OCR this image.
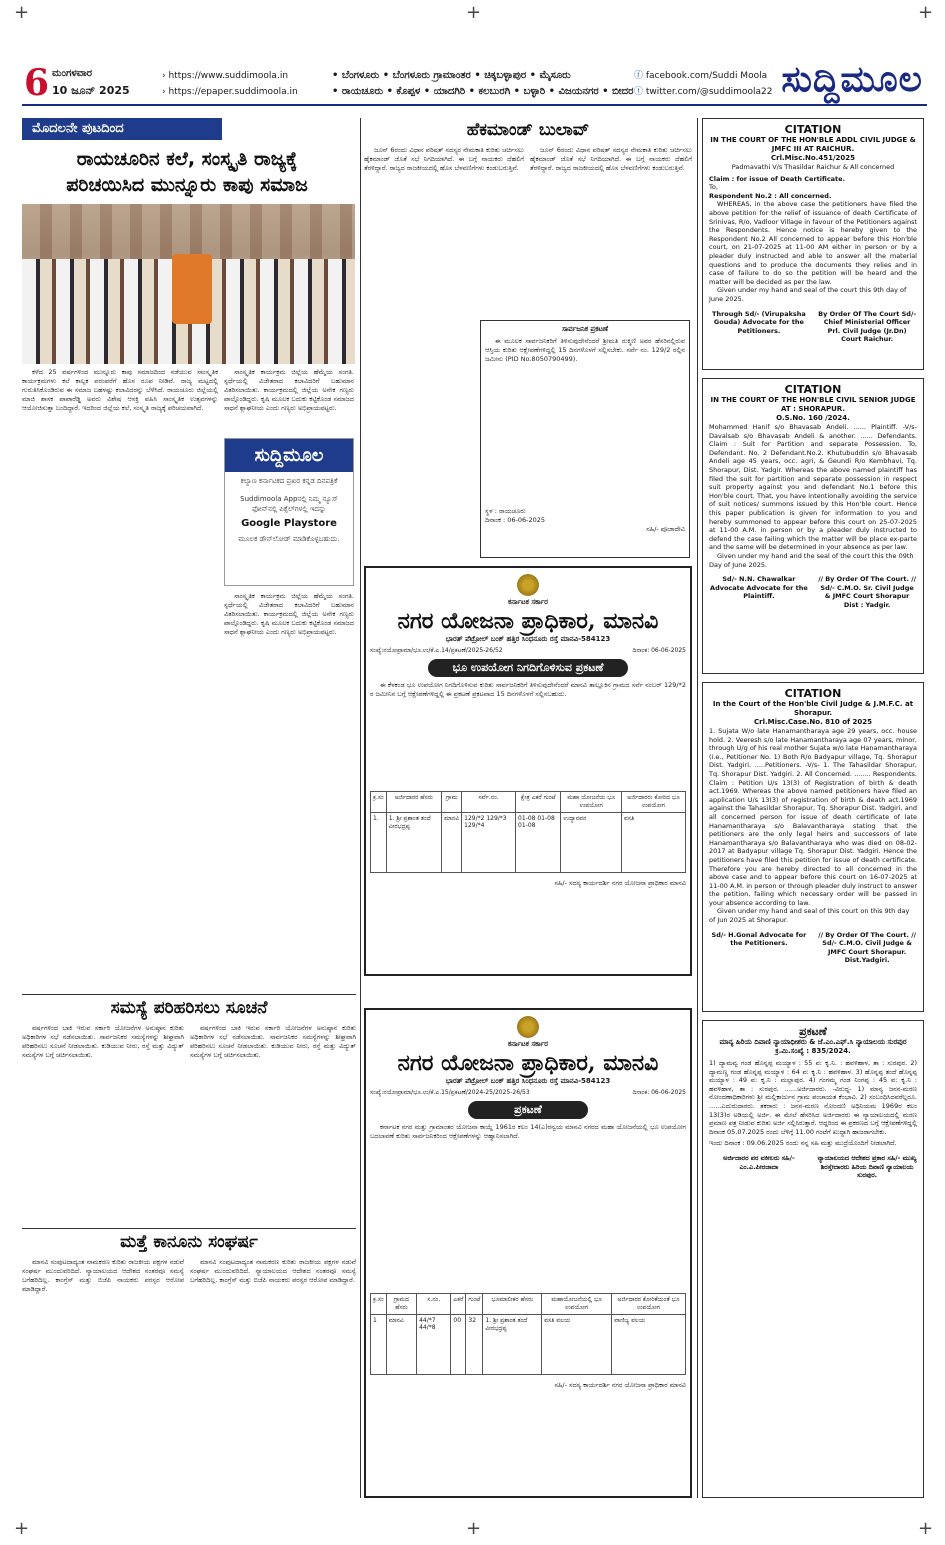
+	+	+
+	+	+
6 ಮಂಗಳವಾರ
10 ಜೂನ್ 2025
› https://www.suddimoola.in
› https://epaper.suddimoola.in
• ಬೆಂಗಳೂರು • ಬೆಂಗಳೂರು ಗ್ರಾಮಾಂತರ • ಚಿಕ್ಕಬಳ್ಳಾಪುರ • ಮೈಸೂರು
• ರಾಯಚೂರು • ಕೊಪ್ಪಳ • ಯಾದಗಿರಿ • ಕಲಬುರಗಿ • ಬಳ್ಳಾರಿ • ವಿಜಯನಗರ • ಬೀದರ
ⓕ facebook.com/Suddi Moola
ⓣ twitter.com/@suddimoola22 ಸುದ್ದಿಮೂಲ
ಮೊದಲನೇ ಪುಟದಿಂದ
ರಾಯಚೂರಿನ ಕಲೆ, ಸಂಸ್ಕೃತಿ ರಾಜ್ಯಕ್ಕೆ
ಪರಿಚಯಿಸಿದ ಮುನ್ನೂರು ಕಾಪು ಸಮಾಜ

ಕಳೆದ 25 ವರ್ಷಗಳಿಂದ ಮುನ್ನೂರು ಕಾಪು ಸಮಾಜದಿಂದ ನಡೆಯುವ ಸಾಂಸ್ಕೃತಿಕ ಕಾರ್ಯಕ್ರಮಗಳು ಕಲೆ ಕಾಲ್ಪಕ ಪರಂಪರೆಗೆ ಹೊಸ ರೂಪ ನೀಡಿವೆ. ರಾಜ್ಯ ಮಟ್ಟದಲ್ಲಿ ಗುರುತಿಸಿಕೊಂಡಿರುವ ಈ ಸಮಾಜ ಬಹಳಷ್ಟು ಕಲಾವಿದರನ್ನು ಬೆಳೆಸಿದೆ. ರಾಯಚೂರು ಜಿಲ್ಲೆಯಲ್ಲಿ ಮಾಜಿ ಶಾಸಕ ಪಾಪಾರೆಡ್ಡಿ ಅವರು ವಿಶೇಷ ಆಸಕ್ತಿ ವಹಿಸಿ ಸಾಂಸ್ಕೃತಿಕ ಉತ್ಸವಗಳನ್ನು ಆಯೋಜಿಸುತ್ತಾ ಬಂದಿದ್ದಾರೆ. ಇದರಿಂದ ಜಿಲ್ಲೆಯ ಕಲೆ, ಸಂಸ್ಕೃತಿ ರಾಜ್ಯಕ್ಕೆ ಪರಿಚಯವಾಗಿದೆ.

ಸಾಂಸ್ಕೃತಿಕ ಕಾರ್ಯಕ್ರಮ ಜಿಲ್ಲೆಯ ಹೆಮ್ಮೆಯ ಸಂಗತಿ. ಸ್ಪರ್ಧೆಯಲ್ಲಿ ವಿಜೇತರಾದ ಕಲಾವಿದರಿಗೆ ಬಹುಮಾನ ವಿತರಿಸಲಾಯಿತು. ಕಾರ್ಯಕ್ರಮದಲ್ಲಿ ಜಿಲ್ಲೆಯ ಅನೇಕ ಗಣ್ಯರು ಪಾಲ್ಗೊಂಡಿದ್ದರು. ಕೃಷಿ ಮೂಲಕ ಬದುಕು ಕಟ್ಟಿಕೊಂಡ ಸಮಾಜದ ಸಾಧನೆ ಶ್ಲಾಘನೀಯ ಎಂದು ಗಣ್ಯರು ಅಭಿಪ್ರಾಯಪಟ್ಟರು.

ಸುದ್ದಿಮೂಲ
ಕಲ್ಯಾಣ ಕರ್ನಾಟಕದ ಪ್ರಖರ ಕನ್ನಡ ದಿನಪತ್ರಿಕೆ
Suddimoola Appನಲ್ಲಿ ನಿಮ್ಮ ನ್ಯೂಸ್ ಫೋನ್‌ನಲ್ಲಿ ಪಿಕ್ಸೆಲ್‌ಗಳಲ್ಲಿ ಇದನ್ನು
Google Playstore
ಮೂಲಕ ಡೌನ್‌ಲೋಡ್ ಮಾಡಿಕೊಳ್ಳಬಹುದು.

ಸಾಂಸ್ಕೃತಿಕ ಕಾರ್ಯಕ್ರಮ ಜಿಲ್ಲೆಯ ಹೆಮ್ಮೆಯ ಸಂಗತಿ. ಸ್ಪರ್ಧೆಯಲ್ಲಿ ವಿಜೇತರಾದ ಕಲಾವಿದರಿಗೆ ಬಹುಮಾನ ವಿತರಿಸಲಾಯಿತು. ಕಾರ್ಯಕ್ರಮದಲ್ಲಿ ಜಿಲ್ಲೆಯ ಅನೇಕ ಗಣ್ಯರು ಪಾಲ್ಗೊಂಡಿದ್ದರು. ಕೃಷಿ ಮೂಲಕ ಬದುಕು ಕಟ್ಟಿಕೊಂಡ ಸಮಾಜದ ಸಾಧನೆ ಶ್ಲಾಘನೀಯ ಎಂದು ಗಣ್ಯರು ಅಭಿಪ್ರಾಯಪಟ್ಟರು.

ಸಮಸ್ಯೆ ಪರಿಹರಿಸಲು ಸೂಚನೆ

ವರ್ಷಗಳಿಂದ ಬಾಕಿ ಇರುವ ಸರ್ಕಾರಿ ಯೋಜನೆಗಳ ಅನುಷ್ಠಾನ ಕುರಿತು ಅಧಿಕಾರಿಗಳ ಸಭೆ ನಡೆಸಲಾಯಿತು. ಸಾರ್ವಜನಿಕರ ಸಮಸ್ಯೆಗಳನ್ನು ಶೀಘ್ರವಾಗಿ ಪರಿಹರಿಸಲು ಸೂಚನೆ ನೀಡಲಾಯಿತು. ಕುಡಿಯುವ ನೀರು, ರಸ್ತೆ ಮತ್ತು ವಿದ್ಯುತ್ ಸಮಸ್ಯೆಗಳ ಬಗ್ಗೆ ಚರ್ಚಿಸಲಾಯಿತು.

ವರ್ಷಗಳಿಂದ ಬಾಕಿ ಇರುವ ಸರ್ಕಾರಿ ಯೋಜನೆಗಳ ಅನುಷ್ಠಾನ ಕುರಿತು ಅಧಿಕಾರಿಗಳ ಸಭೆ ನಡೆಸಲಾಯಿತು. ಸಾರ್ವಜನಿಕರ ಸಮಸ್ಯೆಗಳನ್ನು ಶೀಘ್ರವಾಗಿ ಪರಿಹರಿಸಲು ಸೂಚನೆ ನೀಡಲಾಯಿತು. ಕುಡಿಯುವ ನೀರು, ರಸ್ತೆ ಮತ್ತು ವಿದ್ಯುತ್ ಸಮಸ್ಯೆಗಳ ಬಗ್ಗೆ ಚರ್ಚಿಸಲಾಯಿತು.

ಮತ್ತೆ ಕಾನೂನು ಸಂಘರ್ಷ

ಮಾನವಿ ಸಂಪುಟದಾದ್ಯಂತ ನಾಮಕರಣ ಕುರಿತು ರಾಜಕೀಯ ಪಕ್ಷಗಳ ನಡುವೆ ಸಂಘರ್ಷ ಮುಂದುವರಿದಿದೆ. ನ್ಯಾಯಾಲಯದ ಆದೇಶದ ನಂತರವೂ ಸಮಸ್ಯೆ ಬಗೆಹರಿದಿಲ್ಲ. ಕಾಂಗ್ರೆಸ್ ಮತ್ತು ಬಿಜೆಪಿ ನಾಯಕರು ಪರಸ್ಪರ ಆರೋಪ ಮಾಡಿದ್ದಾರೆ.

ಮಾನವಿ ಸಂಪುಟದಾದ್ಯಂತ ನಾಮಕರಣ ಕುರಿತು ರಾಜಕೀಯ ಪಕ್ಷಗಳ ನಡುವೆ ಸಂಘರ್ಷ ಮುಂದುವರಿದಿದೆ. ನ್ಯಾಯಾಲಯದ ಆದೇಶದ ನಂತರವೂ ಸಮಸ್ಯೆ ಬಗೆಹರಿದಿಲ್ಲ. ಕಾಂಗ್ರೆಸ್ ಮತ್ತು ಬಿಜೆಪಿ ನಾಯಕರು ಪರಸ್ಪರ ಆರೋಪ ಮಾಡಿದ್ದಾರೆ.

ಹೆಕಮಾಂಡ್ ಬುಲಾವ್

ಜೂನ್ 6ರಂದು ವಿಧಾನ ಪರಿಷತ್ ಸದಸ್ಯರ ನೇಮಕಾತಿ ಕುರಿತು ಚರ್ಚಿಸಲು ಹೈಕಮಾಂಡ್ ಜೊತೆ ಸಭೆ ನಿಗದಿಯಾಗಿದೆ. ಈ ಬಗ್ಗೆ ನಾಯಕರು ದೆಹಲಿಗೆ ತೆರಳಿದ್ದಾರೆ. ರಾಜ್ಯದ ರಾಜಕೀಯದಲ್ಲಿ ಹೊಸ ಬೆಳವಣಿಗೆಗಳು ಕಂಡುಬರುತ್ತಿವೆ.

ಜೂನ್ 6ರಂದು ವಿಧಾನ ಪರಿಷತ್ ಸದಸ್ಯರ ನೇಮಕಾತಿ ಕುರಿತು ಚರ್ಚಿಸಲು ಹೈಕಮಾಂಡ್ ಜೊತೆ ಸಭೆ ನಿಗದಿಯಾಗಿದೆ. ಈ ಬಗ್ಗೆ ನಾಯಕರು ದೆಹಲಿಗೆ ತೆರಳಿದ್ದಾರೆ. ರಾಜ್ಯದ ರಾಜಕೀಯದಲ್ಲಿ ಹೊಸ ಬೆಳವಣಿಗೆಗಳು ಕಂಡುಬರುತ್ತಿವೆ.

ಸಾರ್ವಜನಿಕ ಪ್ರಕಟಣೆ

ಈ ಮೂಲಕ ಸಾರ್ವಜನಿಕರಿಗೆ ತಿಳಿಸುವುದೇನೆಂದರೆ ಶ್ರೀಮತಿ ರುಕ್ಮಿಣಿ ಅವರ ಹೆಸರಿನಲ್ಲಿರುವ ಆಸ್ತಿಯ ಕುರಿತು ಆಕ್ಷೇಪಣೆಗಳಿದ್ದಲ್ಲಿ 15 ದಿನಗಳೊಳಗೆ ಸಲ್ಲಿಸಬೇಕು. ಸರ್ವೆ ನಂ. 129/2 ರಲ್ಲಿನ ಜಮೀನು (PID No.8050790499).

ಸ್ಥಳ : ರಾಯಚೂರು
ದಿನಾಂಕ : 06-06-2025
ಸಹಿ/- ಪೂಜಾದೇವಿ
ಕರ್ನಾಟಕ ಸರ್ಕಾರ
ನಗರ ಯೋಜನಾ ಪ್ರಾಧಿಕಾರ, ಮಾನವಿ
ಭಾರತ್ ಪೆಟ್ರೋಲ್ ಬಂಕ್ ಹತ್ತಿರ ಸಿಂಧನೂರು ರಸ್ತೆ ಮಾನವಿ-584123
ಸಂಖ್ಯೆ:ನಯೋಪ್ರಾಮಾ/ಭೂ.ಉ/ಕೆ.ಎ.14/ಪ್ರಕಟಣೆ/2025-26/52	ದಿನಾಂಕ: 06-06-2025
ಭೂ ಉಪಯೋಗ ನಿಗದಿಗೊಳಿಸುವ ಪ್ರಕಟಣೆ

ಈ ಕೆಳಕಂಡ ಭೂ ಉಪಯೋಗ ನಿಗದಿಗೊಳಿಸುವ ಕುರಿತು ಸಾರ್ವಜನಿಕರಿಗೆ ತಿಳಿಸುವುದೇನೆಂದರೆ ಮಾನವಿ ತಾಲ್ಲೂಕಿನ ಗ್ರಾಮದ ಸರ್ವೆ ನಂಬರ್ 129/*2 ರ ಜಮೀನಿನ ಬಗ್ಗೆ ಆಕ್ಷೇಪಣೆಗಳಿದ್ದಲ್ಲಿ ಈ ಪ್ರಕಟಣೆ ಪ್ರಕಟವಾದ 15 ದಿನಗಳೊಳಗೆ ಸಲ್ಲಿಸಬಹುದು.

ಕ್ರ.ಸಂ	ಅರ್ಜಿದಾರರ ಹೆಸರು	ಗ್ರಾಮ	ಸರ್ವೆ.ನಂ.	ಕ್ಷೇತ್ರ ಎಕರೆ ಗುಂಟೆ	ಮಹಾ ಯೋಜನೆಯ ಭೂ ಉಪಯೋಗ	ಅರ್ಜಿದಾರರು ಕೋರಿದ ಭೂ ಉಪಯೋಗ
1.	1. ಶ್ರೀ ಪ್ರಶಾಂತ ತಂದೆ ವೀರಭದ್ರಪ್ಪ	ಮಾನವಿ	129/*2 129/*3 129/*4	01-08 01-08 01-08	ಉದ್ಯಾನವನ	ವಸತಿ
ಸಹಿ/- ಸದಸ್ಯ ಕಾರ್ಯದರ್ಶಿ ನಗರ ಯೋಜನಾ ಪ್ರಾಧಿಕಾರ ಮಾನವಿ
ಕರ್ನಾಟಕ ಸರ್ಕಾರ
ನಗರ ಯೋಜನಾ ಪ್ರಾಧಿಕಾರ, ಮಾನವಿ
ಭಾರತ್ ಪೆಟ್ರೋಲ್ ಬಂಕ್ ಹತ್ತಿರ ಸಿಂಧನೂರು ರಸ್ತೆ ಮಾನವಿ-584123
ಸಂಖ್ಯೆ:ನಯೋಪ್ರಾಮಾ/ಭೂ.ಉ/ಕೆ.ಎ.15/ಪ್ರಕಟಣೆ/2024-25/2025-26/53	ದಿನಾಂಕ: 06-06-2025
ಪ್ರಕಟಣೆ

ಕರ್ನಾಟಕ ನಗರ ಮತ್ತು ಗ್ರಾಮಾಂತರ ಯೋಜನಾ ಕಾಯ್ದೆ 1961ರ ಕಲಂ 14(ಎ)ರನ್ವಯ ಮಾನವಿ ನಗರದ ಮಹಾ ಯೋಜನೆಯಲ್ಲಿ ಭೂ ಉಪಯೋಗ ಬದಲಾವಣೆ ಕುರಿತು ಸಾರ್ವಜನಿಕರಿಂದ ಆಕ್ಷೇಪಣೆಗಳನ್ನು ಆಹ್ವಾನಿಸಲಾಗಿದೆ.

ಕ್ರ.ಸಂ	ಗ್ರಾಮದ ಹೆಸರು	ಸ.ನಂ.	ಎಕರೆ	ಗುಂಟೆ	ಭೂಮಾಲೀಕರ ಹೆಸರು	ಮಹಾಯೋಜನೆಯಲ್ಲಿ ಭೂ ಉಪಯೋಗ	ಅರ್ಜಿದಾರರ ಕೋರಿಕೆಯಂತೆ ಭೂ ಉಪಯೋಗ
1	ಮಾನವಿ	44/*7 44/*8	00	32	1. ಶ್ರೀ ಪ್ರಶಾಂತ ತಂದೆ ವೀರಭದ್ರಪ್ಪ	ವಸತಿ ವಲಯ	ವಾಣಿಜ್ಯ ವಲಯ
ಸಹಿ/- ಸದಸ್ಯ ಕಾರ್ಯದರ್ಶಿ ನಗರ ಯೋಜನಾ ಪ್ರಾಧಿಕಾರ ಮಾನವಿ
CITATION
IN THE COURT OF THE HON'BLE ADDL CIVIL JUDGE & JMFC III AT RAICHUR.
Crl.Misc.No.451/2025
Padmavathi V/s Thasildar Raichur & All concerned
Claim : for issue of Death Certificate.
To,
Respondent No.2 : All concerned.
WHEREAS, in the above case the petitioners have filed the above petition for the relief of issuance of death Certificate of Srinivas, R/o, Vadloor Village in favour of the Petitioners against the Respondents. Hence notice is hereby given to the Respondent No.2 All concerned to appear before this Hon'ble court, on 21-07-2025 at 11-00 AM either in person or by a pleader duly instructed and able to answer all the material questions and to produce the documents they relies and in case of failure to do so the petition will be heard and the matter will be decided as per the law.
Given under my hand and seal of the court this 9th day of June 2025.
Through Sd/- (Virupaksha Gouda) Advocate for the Petitioners.
By Order Of The Court Sd/- Chief Ministerial Officer Prl. Civil Judge (Jr.Dn) Court Raichur.
CITATION
IN THE COURT OF THE HON'BLE CIVIL SENIOR JUDGE AT : SHORAPUR.
O.S.No. 160 /2024.
Mohammed Hanif s/o Bhavasab Andeli. ...... Plaintiff. -V/s- Davalsab s/o Bhavasab Andeli & another. ...... Defendants. Claim : Suit for Partition and separate Possession. To, Defendant. No. 2 Defendant.No.2. Khutubuddin s/o Bhavasab Andeli age 45 years, occ. agri, & Geundi R/o Kembhavi, Tq. Shorapur, Dist. Yadgir. Whereas the above named plaintiff has filed the suit for partition and separate possession in respect suit property against you and defendant No.1 before this Hon'ble court. That, you have intentionally avoiding the service of suit notices/ summons issued by this Hon'ble court. Hence this paper publication is given for information to you and hereby summoned to appear before this court on 25-07-2025 at 11-00 A.M. in person or by a pleader duly instructed to defend the case failing which the matter will be place ex-parte and the same will be determined in your absence as per law.
Given under my hand and the seal of the court this the 09th Day of June 2025.
Sd/- N.N. Chawalkar Advocate Advocate for the Plaintiff.
// By Order Of The Court. // Sd/- C.M.O. Sr. Civil Judge & JMFC Court Shorapur Dist : Yadgir.
CITATION
In the Court of the Hon'ble Civil Judge & J.M.F.C. at Shorapur.
Crl.Misc.Case.No. 810 of 2025
1. Sujata W/o late Hanamantharaya age 29 years, occ. house hold. 2. Veeresh s/o late Hanamantharaya age 07 years, minor, through U/g of his real mother Sujata w/o late Hanamantharaya (i.e., Petitioner No. 1) Both R/o Badyapur village, Tq. Shorapur Dist. Yadgiri. .....Petitioners. -V/s- 1. The Tahasildar Shorapur, Tq. Shorapur Dist. Yadgiri. 2. All Concerned. ........ Respondents. Claim : Petition U/s 13(3) of Registration of birth & death act.1969. Whereas the above named petitioners have filed an application U/s 13(3) of registration of birth & death act.1969 against the Tahasildar Shorapur, Tq. Shorapur Dist. Yadgiri, and all concerned person for issue of death certificate of late Hanamantharaya s/o Balavantharaya stating that the petitioners are the only legal heirs and successors of late Hanamantharaya s/o Balavantharaya who was died on 08-02-2017 at Badyapur village Tq. Shorapur Dist. Yadgiri. Hence the petitioners have filed this petition for issue of death certificate. Therefore you are hereby directed to all concerned in the above case and to appear before this court on 16-07-2025 at 11-00 A.M. in person or through pleader duly instruct to answer the petition, failing which necessary order will be passed in your absence according to law.
Given under my hand and seal of this court on this 9th day of Jun 2025 at Shorapur.
Sd/- H.Gonal Advocate for the Petitioners.
// By Order Of The Court. // Sd/- C.M.O. Civil Judge & JMFC Court Shorapur. Dist.Yadgiri.
ಪ್ರಕಟಣೆ
ಮಾನ್ಯ ಹಿರಿಯ ದಿವಾಣಿ ನ್ಯಾಯಾಧೀಶರು & ಜೆ.ಎಂ.ಎಫ್.ಸಿ ನ್ಯಾಯಾಲಯ ಸುರಪುರ
ಕ್ರ.ಮಿ.ಸಂಖ್ಯೆ : 835/2024.
1) ದ್ಯಾಮವ್ವ ಗಂಡ ಹೊನ್ನಪ್ಪ ಮಯ್ಯಾಳ : 55 ವ: ಕೃ.ನಿ. : ಹವಳಿಹಾಳ, ತಾ : ಸುರಪುರ. 2) ದ್ಯಾಮಣ್ಣ ಗಂಡ ಹೊನ್ನಪ್ಪ ಮಯ್ಯಾಳ : 64 ವ: ಕೃ.ನಿ : ಹವಳಿಹಾಳ. 3) ಹೊನ್ನಪ್ಪ ತಂದೆ ಹೊನ್ನಪ್ಪ ಮಯ್ಯಾಳ : 49 ವ: ಕೃ.ನಿ : ಮಲ್ಲಾಪುರ. 4) ಗಂಗಮ್ಮ ಗಂಡ ನಿಂಗಪ್ಪ : 45 ವ: ಕೃ.ನಿ : ಹವಳಿಹಾಳ, ತಾ : ಸುರಪುರ. ......ಅರ್ಜಿದಾರರು. -ವಿರುದ್ಧ- 1) ಮಾನ್ಯ ಜನನ-ಮರಣ ನೋಂದಣಾಧಿಕಾರಿಗಳು ಶ್ರೀ ಮಲ್ಲಿಕಾರ್ಜುನ ಗ್ರಾಮ ಪಂಚಾಯತ ಕೆಂಭಾವಿ. 2) ಸಂಬಂಧಿಸಿದವರೆಲ್ಲರೂ. ......ಎದುರುದಾರರು. ತಕರಾರು : ಜನನ-ಮರಣ ನೋಂದಣಿ ಅಧಿನಿಯಮ 1969ರ ಕಲಂ 13(3)ರ ಅಡಿಯಲ್ಲಿ ಅರ್ಜಿ. ಈ ಮೇಲೆ ಹೆಸರಿಸಿದ ಅರ್ಜಿದಾರರು ಈ ನ್ಯಾಯಾಲಯದಲ್ಲಿ ಮರಣ ಪ್ರಮಾಣ ಪತ್ರ ನೀಡುವ ಕುರಿತು ಅರ್ಜಿ ಸಲ್ಲಿಸಿರುತ್ತಾರೆ. ಆದ್ದರಿಂದ ಈ ಪ್ರಕರಣದ ಬಗ್ಗೆ ಆಕ್ಷೇಪಣೆಗಳಿದ್ದಲ್ಲಿ ದಿನಾಂಕ 05.07.2025 ರಂದು ಬೆಳಿಗ್ಗೆ 11.00 ಗಂಟೆಗೆ ಖುದ್ದಾಗಿ ಹಾಜರಾಗಬೇಕು.
ಇಂದು ದಿನಾಂಕ : 09.06.2025 ರಂದು ನನ್ನ ಸಹಿ ಮತ್ತು ಮುದ್ರೆಯೊಂದಿಗೆ ನೀಡಲಾಗಿದೆ.
ಅರ್ಜಿದಾರರ ಪರ ವಕೀಲರು ಸಹಿ/- ಎಂ.ಎ.ಪೀರಜಾದಾ
ನ್ಯಾಯಾಲಯದ ಆದೇಶದ ಪ್ರಕಾರ ಸಹಿ/- ಮುಖ್ಯ ಶಿರಸ್ತೇದಾರರು ಹಿರಿಯ ದಿವಾಣಿ ನ್ಯಾಯಾಲಯ ಸುರಪುರ.
